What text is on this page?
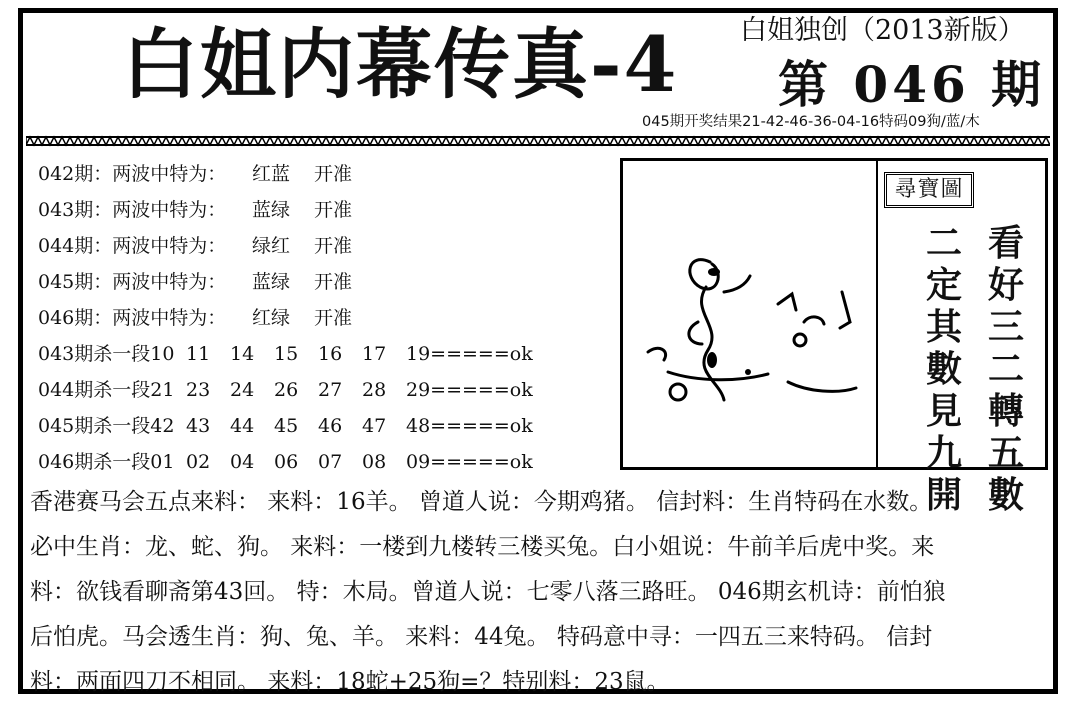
白姐内幕传真-4 白姐独创（2013新版）
第 046 期
045期开奖结果21-42-46-36-04-16特码09狗/蓝/木
042期：两波中特为： 红蓝 开准
043期：两波中特为： 蓝绿 开准
044期：两波中特为： 绿红 开准
045期：两波中特为： 蓝绿 开准
046期：两波中特为： 红绿 开准
043期杀一段10 11 14 15 16 17 19=====ok
044期杀一段21 23 24 26 27 28 29=====ok
045期杀一段42 43 44 45 46 47 48=====ok
046期杀一段01 02 04 06 07 08 09=====ok
尋寶圖
看
好
三
二
轉
五
數
二
定
其
數
見
九
開
香港赛马会五点来料： 来料：16羊。 曾道人说：今期鸡猪。 信封料：生肖特码在水数。
必中生肖：龙、蛇、狗。 来料：一楼到九楼转三楼买兔。白小姐说：牛前羊后虎中奖。来
料：欲钱看聊斋第43回。 特：木局。曾道人说：七零八落三路旺。 046期玄机诗：前怕狼
后怕虎。马会透生肖：狗、兔、羊。 来料：44兔。 特码意中寻：一四五三来特码。 信封
料：两面四刀不相同。 来料：18蛇+25狗=？特别料：23鼠。
